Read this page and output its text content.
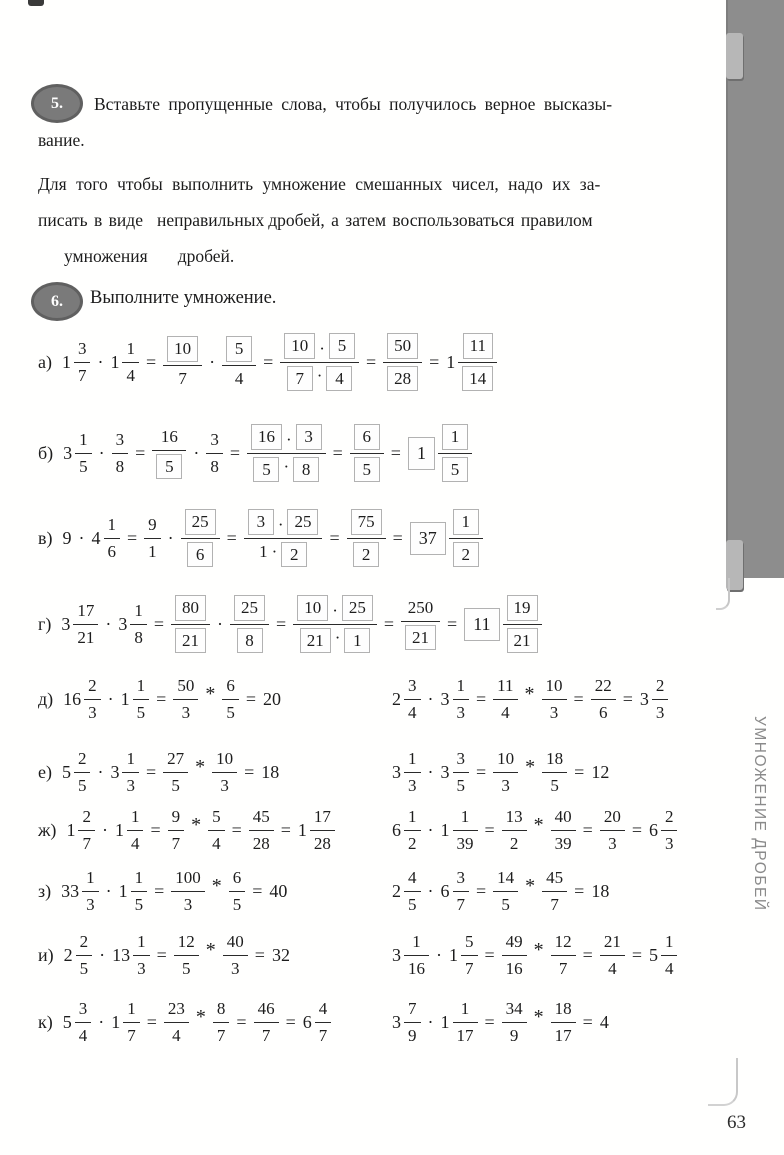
5.	Вставьте пропущенные слова, чтобы получилось верное высказы-
вание.
Для того чтобы выполнить умножение смешанных чисел, надо их за-
писать в виде неправильных дробей, а затем воспользоваться правилом
умножения дробей.
6.	Выполните умножение.
а) $1 \frac{3}{7} \cdot 1 \frac{1}{4} = \frac{10}{7} \cdot \frac{5}{4} = \frac{10 \cdot 5}{7 \cdot 4} = \frac{50}{28} = 1 \frac{11}{14}$
б) $3 \frac{1}{5} \cdot \frac{3}{8} = \frac{16}{5} \cdot \frac{3}{8} = \frac{16 \cdot 3}{5 \cdot 8} = \frac{6}{5} = 1 \frac{1}{5}$
в) $9 \cdot 4 \frac{1}{6} = \frac{9}{1} \cdot \frac{25}{6} = \frac{3 \cdot 25}{1 \cdot 2} = \frac{75}{2} = 37 \frac{1}{2}$
г) $3 \frac{17}{21} \cdot 3 \frac{1}{8} = \frac{80}{21} \cdot \frac{25}{8} = \frac{10 \cdot 25}{21 \cdot 1} = \frac{250}{21} = 11 \frac{19}{21}$
д) $16 \frac{2}{3} \cdot 1 \frac{1}{5} = \frac{50}{3} * \frac{6}{5} = 20$	$2 \frac{3}{4} \cdot 3 \frac{1}{3} = \frac{11}{4} * \frac{10}{3} = \frac{22}{6} = 3 \frac{2}{3}$
е) $5 \frac{2}{5} \cdot 3 \frac{1}{3} = \frac{27}{5} * \frac{10}{3} = 18$	$3 \frac{1}{3} \cdot 3 \frac{3}{5} = \frac{10}{3} * \frac{18}{5} = 12$
ж) $1 \frac{2}{7} \cdot 1 \frac{1}{4} = \frac{9}{7} * \frac{5}{4} = \frac{45}{28} = 1 \frac{17}{28}$	$6 \frac{1}{2} \cdot 1 \frac{1}{39} = \frac{13}{2} * \frac{40}{39} = \frac{20}{3} = 6 \frac{2}{3}$
з) $33 \frac{1}{3} \cdot 1 \frac{1}{5} = \frac{100}{3} * \frac{6}{5} = 40$	$2 \frac{4}{5} \cdot 6 \frac{3}{7} = \frac{14}{5} * \frac{45}{7} = 18$
и) $2 \frac{2}{5} \cdot 13 \frac{1}{3} = \frac{12}{5} * \frac{40}{3} = 32$	$3 \frac{1}{16} \cdot 1 \frac{5}{7} = \frac{49}{16} * \frac{12}{7} = \frac{21}{4} = 5 \frac{1}{4}$
к) $5 \frac{3}{4} \cdot 1 \frac{1}{7} = \frac{23}{4} * \frac{8}{7} = \frac{46}{7} = 6 \frac{4}{7}$	$3 \frac{7}{9} \cdot 1 \frac{1}{17} = \frac{34}{9} * \frac{18}{17} = 4$
УМНОЖЕНИЕ ДРОБЕЙ
63
